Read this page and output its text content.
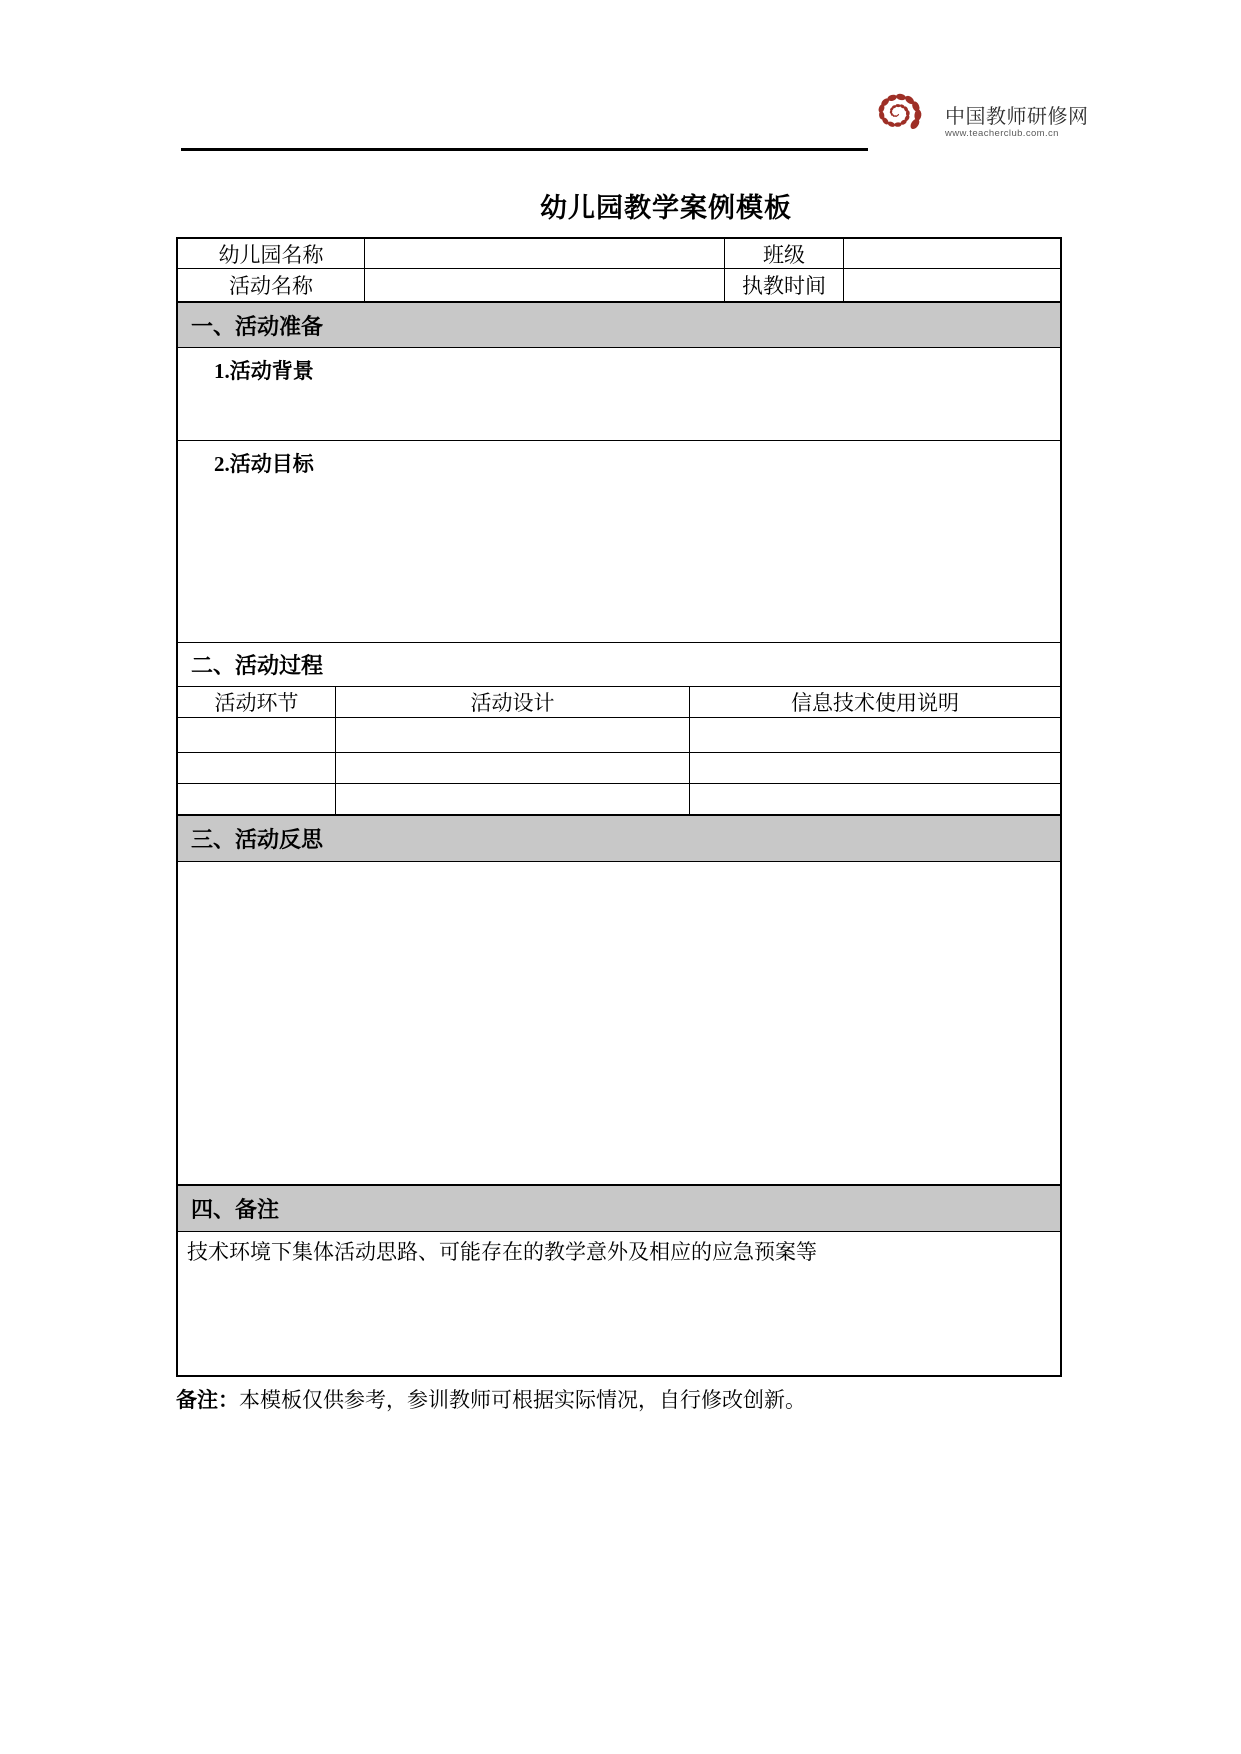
中国教师研修网
www.teacherclub.com.cn
幼儿园教学案例模板
幼儿园名称	班级
活动名称	执教时间
一、活动准备
1.活动背景
2.活动目标
二、活动过程
活动环节	活动设计	信息技术使用说明
三、活动反思
四、备注
技术环境下集体活动思路、可能存在的教学意外及相应的应急预案等
备注：本模板仅供参考，参训教师可根据实际情况，自行修改创新。
